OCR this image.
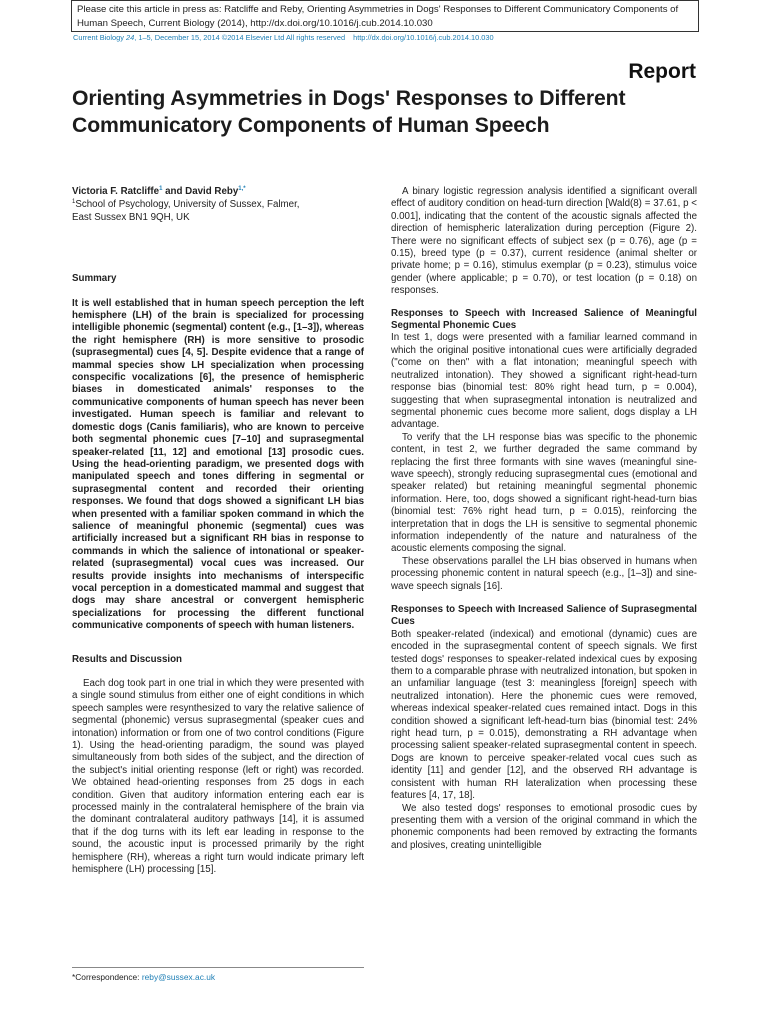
Please cite this article in press as: Ratcliffe and Reby, Orienting Asymmetries in Dogs' Responses to Different Communicatory Components of Human Speech, Current Biology (2014), http://dx.doi.org/10.1016/j.cub.2014.10.030
Current Biology 24, 1–5, December 15, 2014 ©2014 Elsevier Ltd All rights reserved http://dx.doi.org/10.1016/j.cub.2014.10.030
Report
Orienting Asymmetries in Dogs' Responses to Different Communicatory Components of Human Speech

Victoria F. Ratcliffe$^1$ and David Reby$^{1,*}$

$^1$School of Psychology, University of Sussex, Falmer,
East Sussex BN1 9QH, UK

Summary

It is well established that in human speech perception the left hemisphere (LH) of the brain is specialized for processing intelligible phonemic (segmental) content (e.g., [1–3]), whereas the right hemisphere (RH) is more sensitive to prosodic (suprasegmental) cues [4, 5]. Despite evidence that a range of mammal species show LH specialization when processing conspecific vocalizations [6], the presence of hemispheric biases in domesticated animals' responses to the communicative components of human speech has never been investigated. Human speech is familiar and relevant to domestic dogs (Canis familiaris), who are known to perceive both segmental phonemic cues [7–10] and suprasegmental speaker-related [11, 12] and emotional [13] prosodic cues. Using the head-orienting paradigm, we presented dogs with manipulated speech and tones differing in segmental or suprasegmental content and recorded their orienting responses. We found that dogs showed a significant LH bias when presented with a familiar spoken command in which the salience of meaningful phonemic (segmental) cues was artificially increased but a significant RH bias in response to commands in which the salience of intonational or speaker-related (suprasegmental) vocal cues was increased. Our results provide insights into mechanisms of interspecific vocal perception in a domesticated mammal and suggest that dogs may share ancestral or convergent hemispheric specializations for processing the different functional communicative components of speech with human listeners.

Results and Discussion

Each dog took part in one trial in which they were presented with a single sound stimulus from either one of eight conditions in which speech samples were resynthesized to vary the relative salience of segmental (phonemic) versus suprasegmental (speaker cues and intonation) information or from one of two control conditions (Figure 1). Using the head-orienting paradigm, the sound was played simultaneously from both sides of the subject, and the direction of the subject's initial orienting response (left or right) was recorded. We obtained head-orienting responses from 25 dogs in each condition. Given that auditory information entering each ear is processed mainly in the contralateral hemisphere of the brain via the dominant contralateral auditory pathways [14], it is assumed that if the dog turns with its left ear leading in response to the sound, the acoustic input is processed primarily by the right hemisphere (RH), whereas a right turn would indicate primary left hemisphere (LH) processing [15].

*Correspondence: reby@sussex.ac.uk

A binary logistic regression analysis identified a significant overall effect of auditory condition on head-turn direction [Wald(8) = 37.61, p < 0.001], indicating that the content of the acoustic signals affected the direction of hemispheric lateralization during perception (Figure 2). There were no significant effects of subject sex (p = 0.76), age (p = 0.15), breed type (p = 0.37), current residence (animal shelter or private home; p = 0.16), stimulus exemplar (p = 0.23), stimulus voice gender (where applicable; p = 0.70), or test location (p = 0.18) on responses.

Responses to Speech with Increased Salience of Meaningful Segmental Phonemic Cues

In test 1, dogs were presented with a familiar learned command in which the original positive intonational cues were artificially degraded ("come on then" with a flat intonation; meaningful speech with neutralized intonation). They showed a significant right-head-turn response bias (binomial test: 80% right head turn, p = 0.004), suggesting that when suprasegmental intonation is neutralized and segmental phonemic cues become more salient, dogs display a LH advantage.

To verify that the LH response bias was specific to the phonemic content, in test 2, we further degraded the same command by replacing the first three formants with sine waves (meaningful sine-wave speech), strongly reducing suprasegmental cues (emotional and speaker related) but retaining meaningful segmental phonemic information. Here, too, dogs showed a significant right-head-turn bias (binomial test: 76% right head turn, p = 0.015), reinforcing the interpretation that in dogs the LH is sensitive to segmental phonemic information independently of the nature and naturalness of the acoustic elements composing the signal.

These observations parallel the LH bias observed in humans when processing phonemic content in natural speech (e.g., [1–3]) and sine-wave speech signals [16].

Responses to Speech with Increased Salience of Suprasegmental Cues

Both speaker-related (indexical) and emotional (dynamic) cues are encoded in the suprasegmental content of speech signals. We first tested dogs' responses to speaker-related indexical cues by exposing them to a comparable phrase with neutralized intonation, but spoken in an unfamiliar language (test 3: meaningless [foreign] speech with neutralized intonation). Here the phonemic cues were removed, whereas indexical speaker-related cues remained intact. Dogs in this condition showed a significant left-head-turn bias (binomial test: 24% right head turn, p = 0.015), demonstrating a RH advantage when processing salient speaker-related suprasegmental content in speech. Dogs are known to perceive speaker-related vocal cues such as identity [11] and gender [12], and the observed RH advantage is consistent with human RH lateralization when processing these features [4, 17, 18].

We also tested dogs' responses to emotional prosodic cues by presenting them with a version of the original command in which the phonemic components had been removed by extracting the formants and plosives, creating unintelligible
